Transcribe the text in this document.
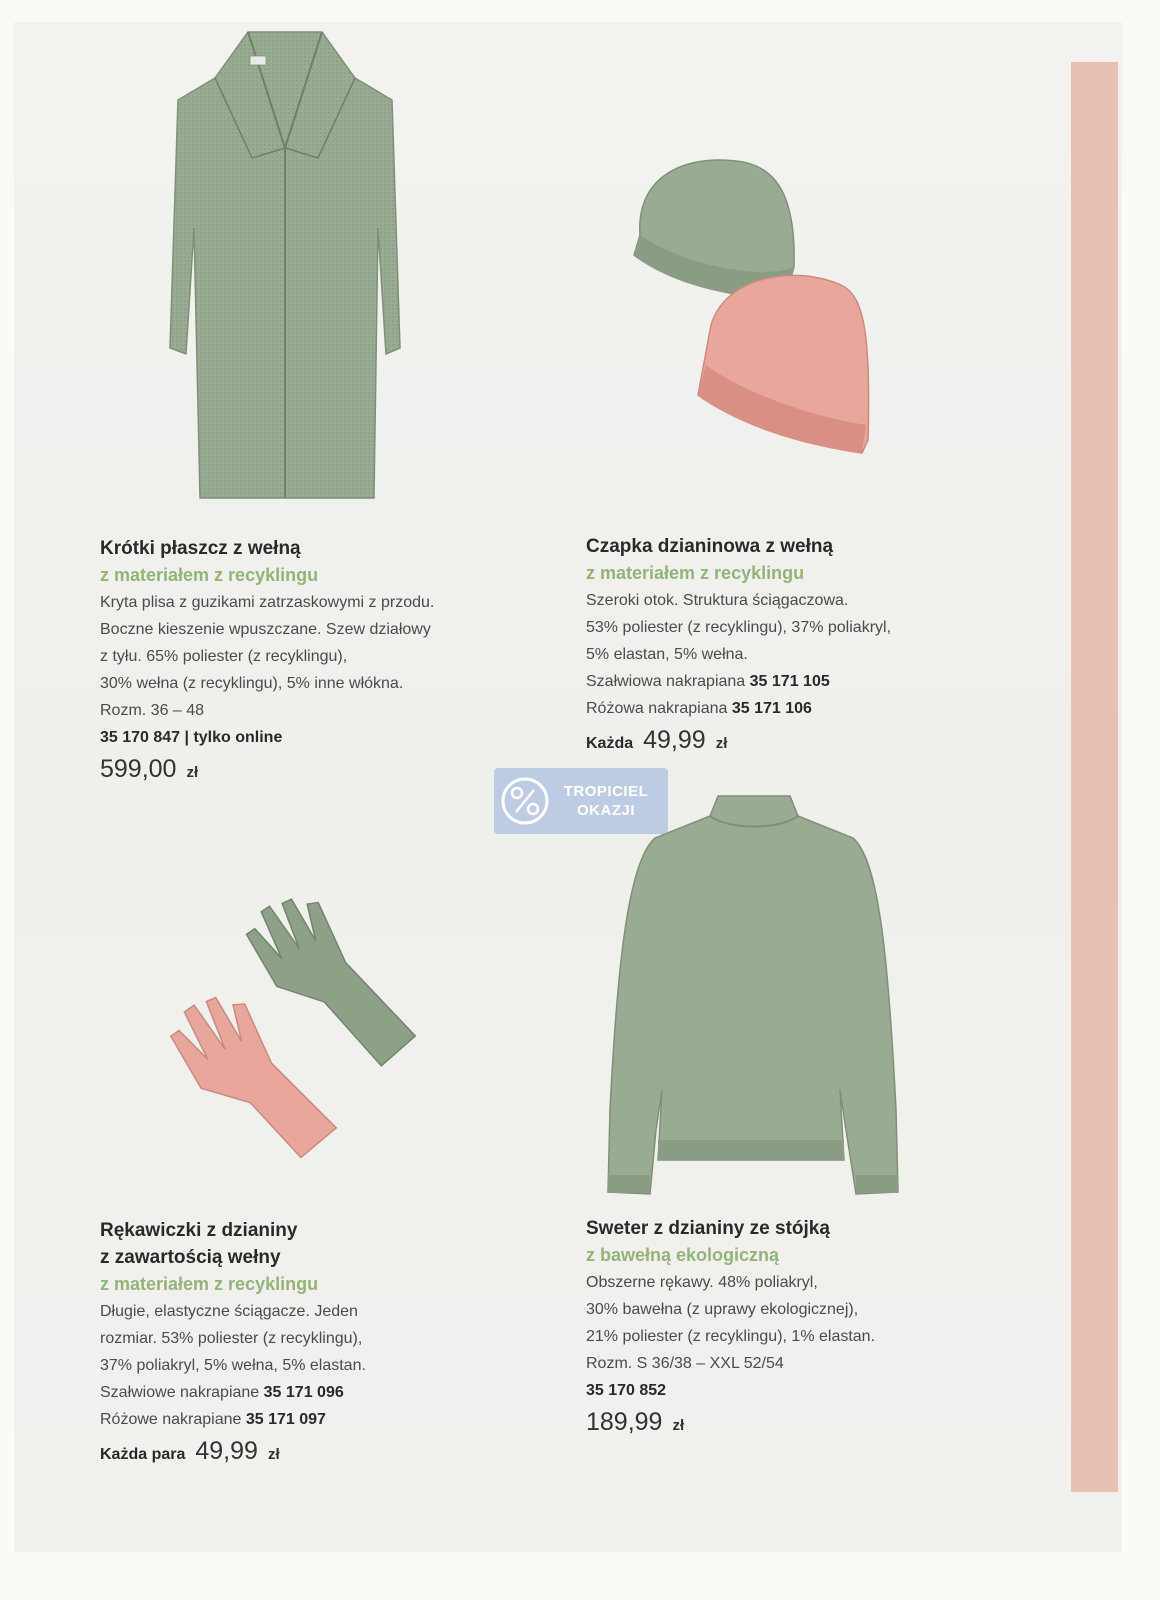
TROPICIEL
OKAZJI
Krótki płaszcz z wełną
z materiałem z recyklingu
Kryta plisa z guzikami zatrzaskowymi z przodu.
Boczne kieszenie wpuszczane. Szew działowy
z tyłu. 65% poliester (z recyklingu),
30% wełna (z recyklingu), 5% inne włókna.
Rozm. 36 – 48
35 170 847 | tylko online
599,00 zł
Czapka dzianinowa z wełną
z materiałem z recyklingu
Szeroki otok. Struktura ściągaczowa.
53% poliester (z recyklingu), 37% poliakryl,
5% elastan, 5% wełna.
Szałwiowa nakrapiana 35 171 105
Różowa nakrapiana 35 171 106
Każda 49,99 zł
Rękawiczki z dzianiny
z zawartością wełny
z materiałem z recyklingu
Długie, elastyczne ściągacze. Jeden
rozmiar. 53% poliester (z recyklingu),
37% poliakryl, 5% wełna, 5% elastan.
Szałwiowe nakrapiane 35 171 096
Różowe nakrapiane 35 171 097
Każda para 49,99 zł
Sweter z dzianiny ze stójką
z bawełną ekologiczną
Obszerne rękawy. 48% poliakryl,
30% bawełna (z uprawy ekologicznej),
21% poliester (z recyklingu), 1% elastan.
Rozm. S 36/38 – XXL 52/54
35 170 852
189,99 zł
